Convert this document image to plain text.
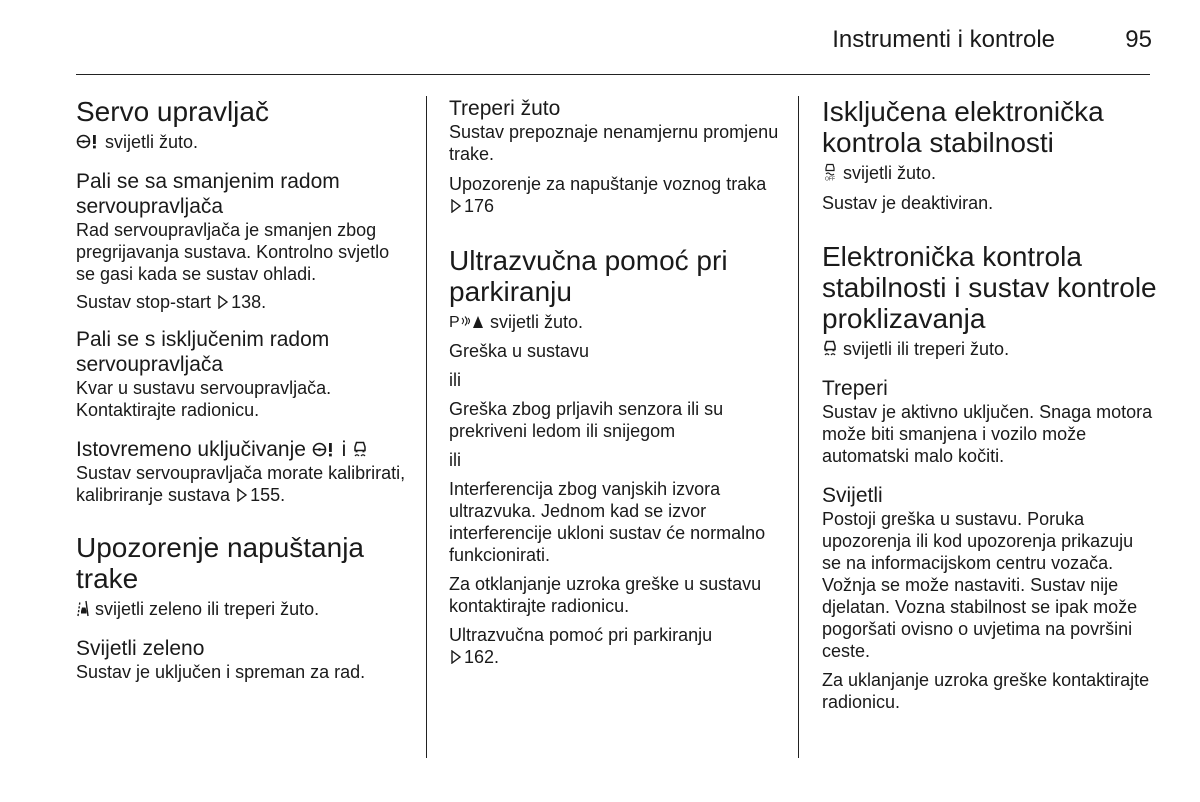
Instrumenti i kontrole	95
Servo upravljač
svijetli žuto.
Pali se sa smanjenim radom servoupravljača
Rad servoupravljača je smanjen zbog pregrijavanja sustava. Kontrolno svjetlo se gasi kada se sustav ohladi.
Sustav stop-start 138.
Pali se s isključenim radom servoupravljača
Kvar u sustavu servoupravljača. Kontaktirajte radionicu.
Istovremeno uključivanje i
Sustav servoupravljača morate kalibrirati, kalibriranje sustava 155.
Upozorenje napuštanja trake
svijetli zeleno ili treperi žuto.
Svijetli zeleno
Sustav je uključen i spreman za rad.
Treperi žuto
Sustav prepoznaje nenamjernu promjenu trake.
Upozorenje za napuštanje voznog traka 176
Ultrazvučna pomoć pri parkiranju
P svijetli žuto.
Greška u sustavu
ili
Greška zbog prljavih senzora ili su prekriveni ledom ili snijegom
ili
Interferencija zbog vanjskih izvora ultrazvuka. Jednom kad se izvor interferencije ukloni sustav će normalno funkcionirati.
Za otklanjanje uzroka greške u sustavu kontaktirajte radionicu.
Ultrazvučna pomoć pri parkiranju
162.
Isključena elektronička kontrola stabilnosti
OFF svijetli žuto.
Sustav je deaktiviran.
Elektronička kontrola stabilnosti i sustav kontrole proklizavanja
svijetli ili treperi žuto.
Treperi
Sustav je aktivno uključen. Snaga motora može biti smanjena i vozilo može automatski malo kočiti.
Svijetli
Postoji greška u sustavu. Poruka upozorenja ili kod upozorenja prikazuju se na informacijskom centru vozača. Vožnja se može nastaviti. Sustav nije djelatan. Vozna stabilnost se ipak može pogoršati ovisno o uvjetima na površini ceste.
Za uklanjanje uzroka greške kontaktirajte radionicu.
